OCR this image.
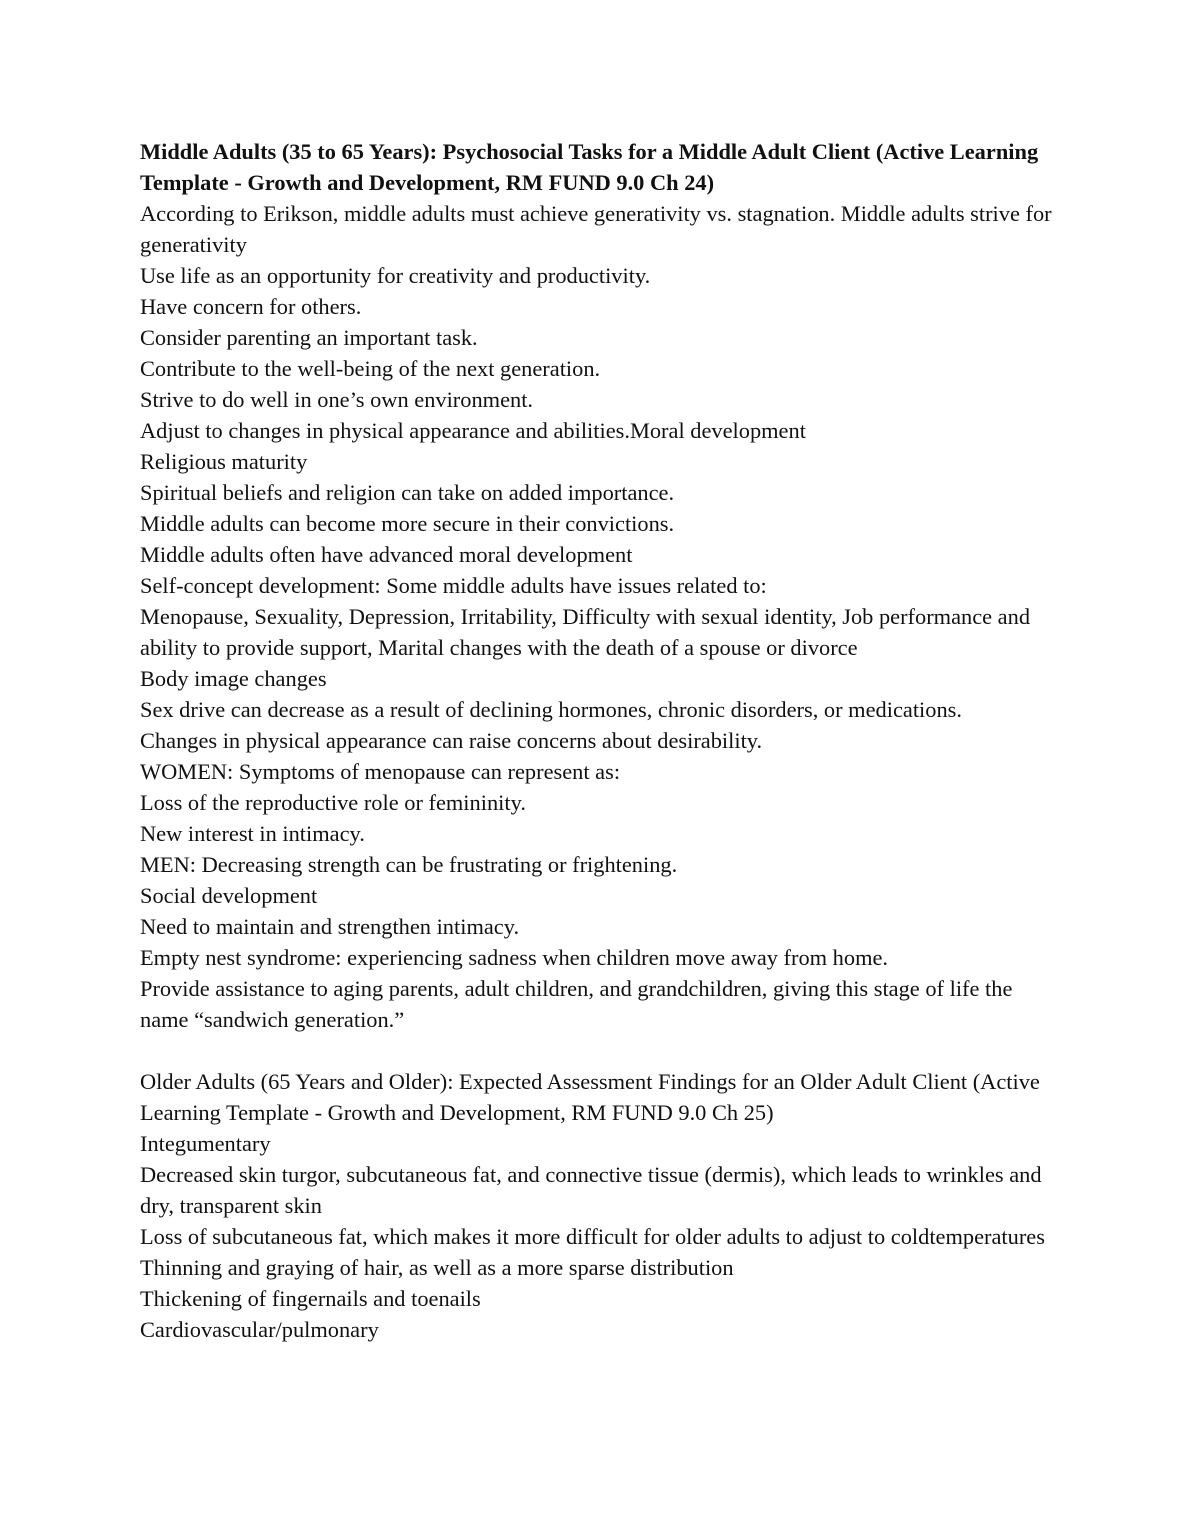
Middle Adults (35 to 65 Years): Psychosocial Tasks for a Middle Adult Client (Active Learning Template - Growth and Development, RM FUND 9.0 Ch 24)

According to Erikson, middle adults must achieve generativity vs. stagnation. Middle adults strive for generativity

Use life as an opportunity for creativity and productivity.

Have concern for others.

Consider parenting an important task.

Contribute to the well-being of the next generation.

Strive to do well in one’s own environment.

Adjust to changes in physical appearance and abilities.Moral development

Religious maturity

Spiritual beliefs and religion can take on added importance.

Middle adults can become more secure in their convictions.

Middle adults often have advanced moral development

Self-concept development: Some middle adults have issues related to:

Menopause, Sexuality, Depression, Irritability, Difficulty with sexual identity, Job performance and ability to provide support, Marital changes with the death of a spouse or divorce

Body image changes

Sex drive can decrease as a result of declining hormones, chronic disorders, or medications.

Changes in physical appearance can raise concerns about desirability.

WOMEN: Symptoms of menopause can represent as:

Loss of the reproductive role or femininity.

New interest in intimacy.

MEN: Decreasing strength can be frustrating or frightening.

Social development

Need to maintain and strengthen intimacy.

Empty nest syndrome: experiencing sadness when children move away from home.

Provide assistance to aging parents, adult children, and grandchildren, giving this stage of life the name “sandwich generation.”

Older Adults (65 Years and Older): Expected Assessment Findings for an Older Adult Client (Active Learning Template - Growth and Development, RM FUND 9.0 Ch 25)

Integumentary

Decreased skin turgor, subcutaneous fat, and connective tissue (dermis), which leads to wrinkles and dry, transparent skin

Loss of subcutaneous fat, which makes it more difficult for older adults to adjust to coldtemperatures

Thinning and graying of hair, as well as a more sparse distribution

Thickening of fingernails and toenails

Cardiovascular/pulmonary
